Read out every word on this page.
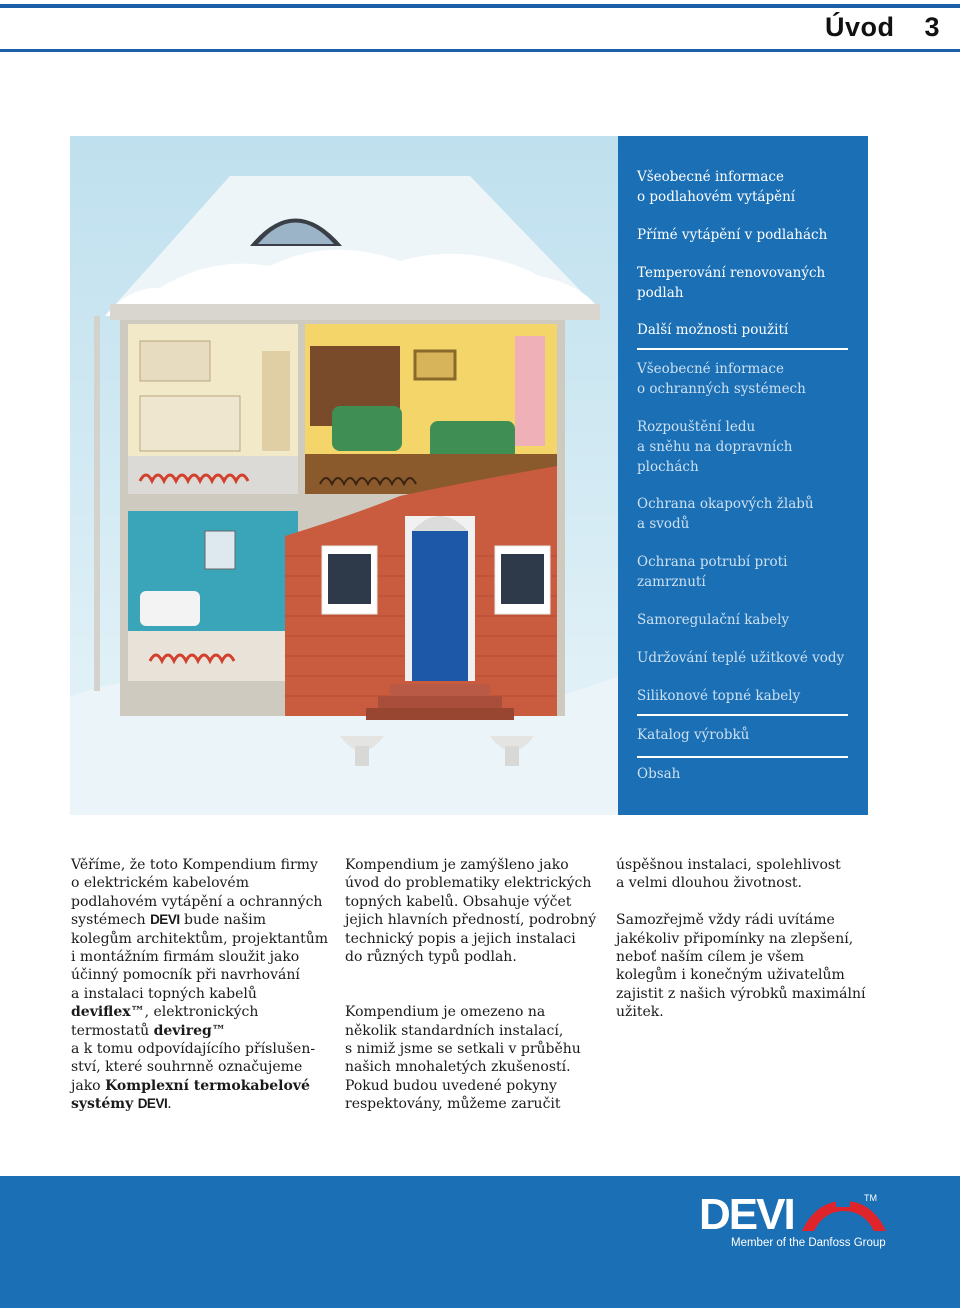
Úvod 3
Všeobecné informace
o podlahovém vytápění
Přímé vytápění v podlahách
Temperování renovovaných
podlah
Další možnosti použití
Všeobecné informace
o ochranných systémech
Rozpouštění ledu
a sněhu na dopravních
plochách
Ochrana okapových žlabů
a svodů
Ochrana potrubí proti
zamrznutí
Samoregulační kabely
Udržování teplé užitkové vody
Silikonové topné kabely
Katalog výrobků
Obsah
Věříme, že toto Kompendium firmy
o elektrickém kabelovém
podlahovém vytápění a ochranných
systémech DEVI bude našim
kolegům architektům, projektantům
i montážním firmám sloužit jako
účinný pomocník při navrhování
a instalaci topných kabelů
deviflex™, elektronických
termostatů devireg™
a k tomu odpovídajícího příslušen-
ství, které souhrnně označujeme
jako Komplexní termokabelové
systémy DEVI.

Kompendium je zamýšleno jako
úvod do problematiky elektrických
topných kabelů. Obsahuje výčet
jejich hlavních předností, podrobný
technický popis a jejich instalaci
do různých typů podlah.

Kompendium je omezeno na
několik standardních instalací,
s nimiž jsme se setkali v průběhu
našich mnohaletých zkušeností.
Pokud budou uvedené pokyny
respektovány, můžeme zaručit

úspěšnou instalaci, spolehlivost
a velmi dlouhou životnost.

Samozřejmě vždy rádi uvítáme
jakékoliv připomínky na zlepšení,
neboť naším cílem je všem
kolegům i konečným uživatelům
zajistit z našich výrobků maximální
užitek.

DEVI	TM
Member of the Danfoss Group
